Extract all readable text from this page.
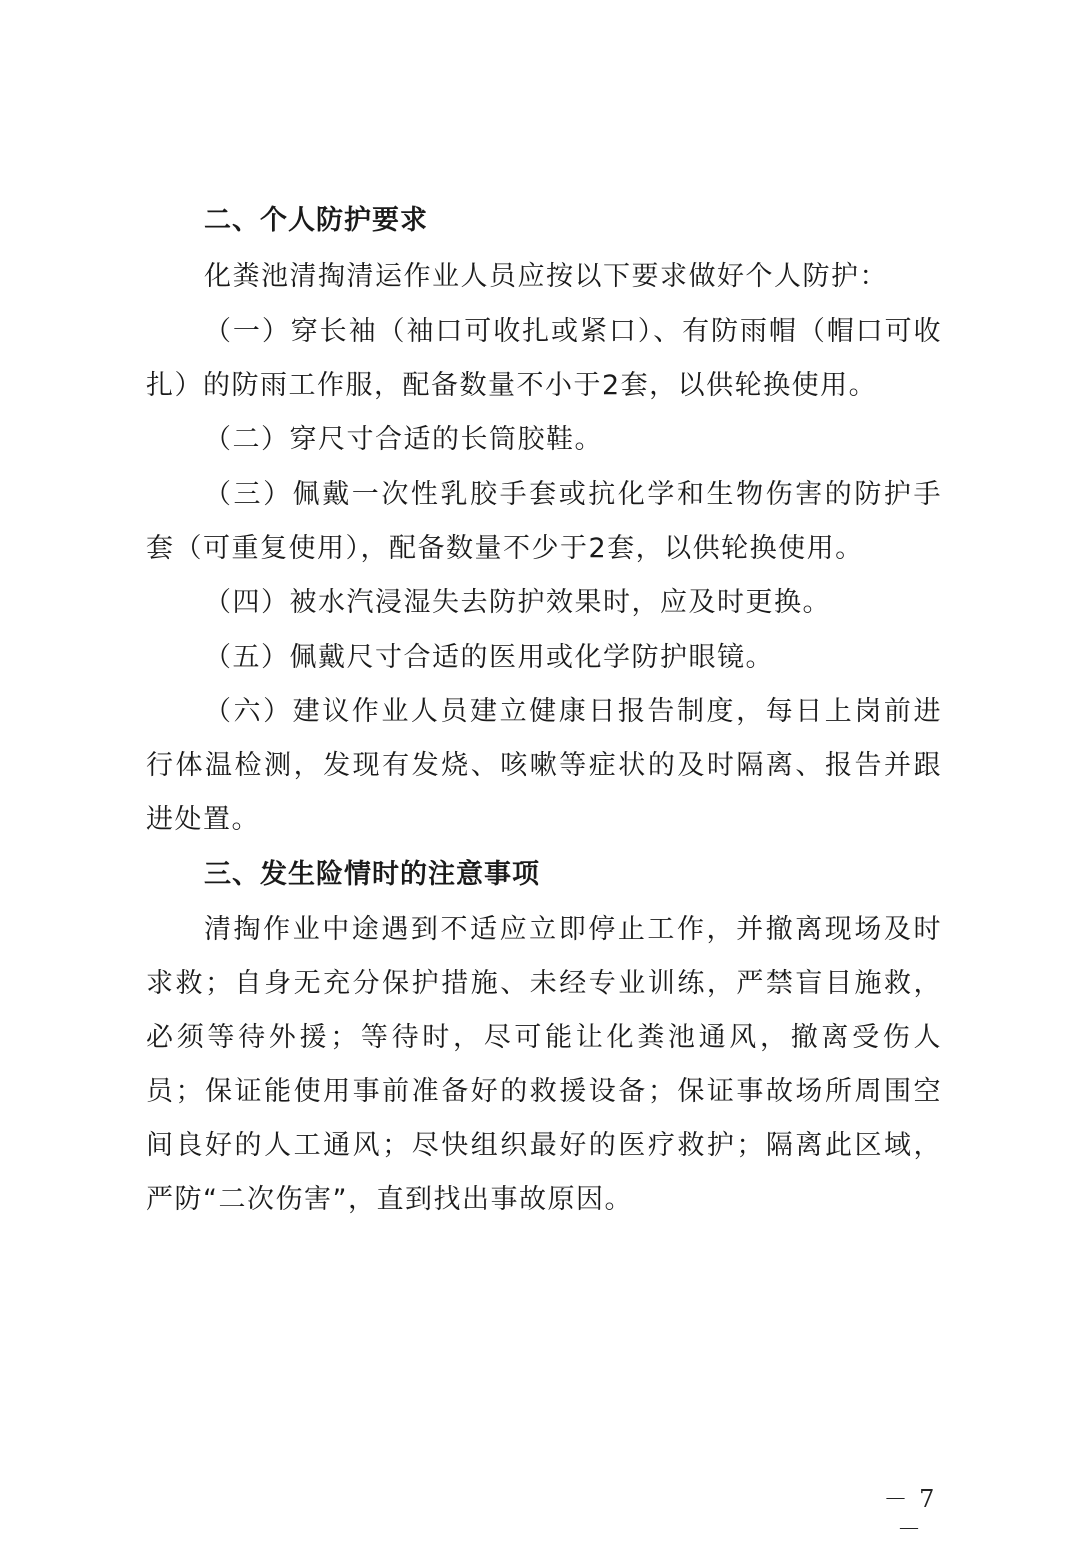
二、个人防护要求

化粪池清掏清运作业人员应按以下要求做好个人防护：

（一）穿长袖（袖口可收扎或紧口）、有防雨帽（帽口可收扎）的防雨工作服，配备数量不小于2套，以供轮换使用。

（二）穿尺寸合适的长筒胶鞋。

（三）佩戴一次性乳胶手套或抗化学和生物伤害的防护手套（可重复使用），配备数量不少于2套，以供轮换使用。

（四）被水汽浸湿失去防护效果时，应及时更换。

（五）佩戴尺寸合适的医用或化学防护眼镜。

（六）建议作业人员建立健康日报告制度，每日上岗前进行体温检测，发现有发烧、咳嗽等症状的及时隔离、报告并跟进处置。

三、发生险情时的注意事项

清掏作业中途遇到不适应立即停止工作，并撤离现场及时求救；自身无充分保护措施、未经专业训练，严禁盲目施救，必须等待外援；等待时，尽可能让化粪池通风，撤离受伤人员；保证能使用事前准备好的救援设备；保证事故场所周围空间良好的人工通风；尽快组织最好的医疗救护；隔离此区域，严防“二次伤害”，直到找出事故原因。

－ 7 －
